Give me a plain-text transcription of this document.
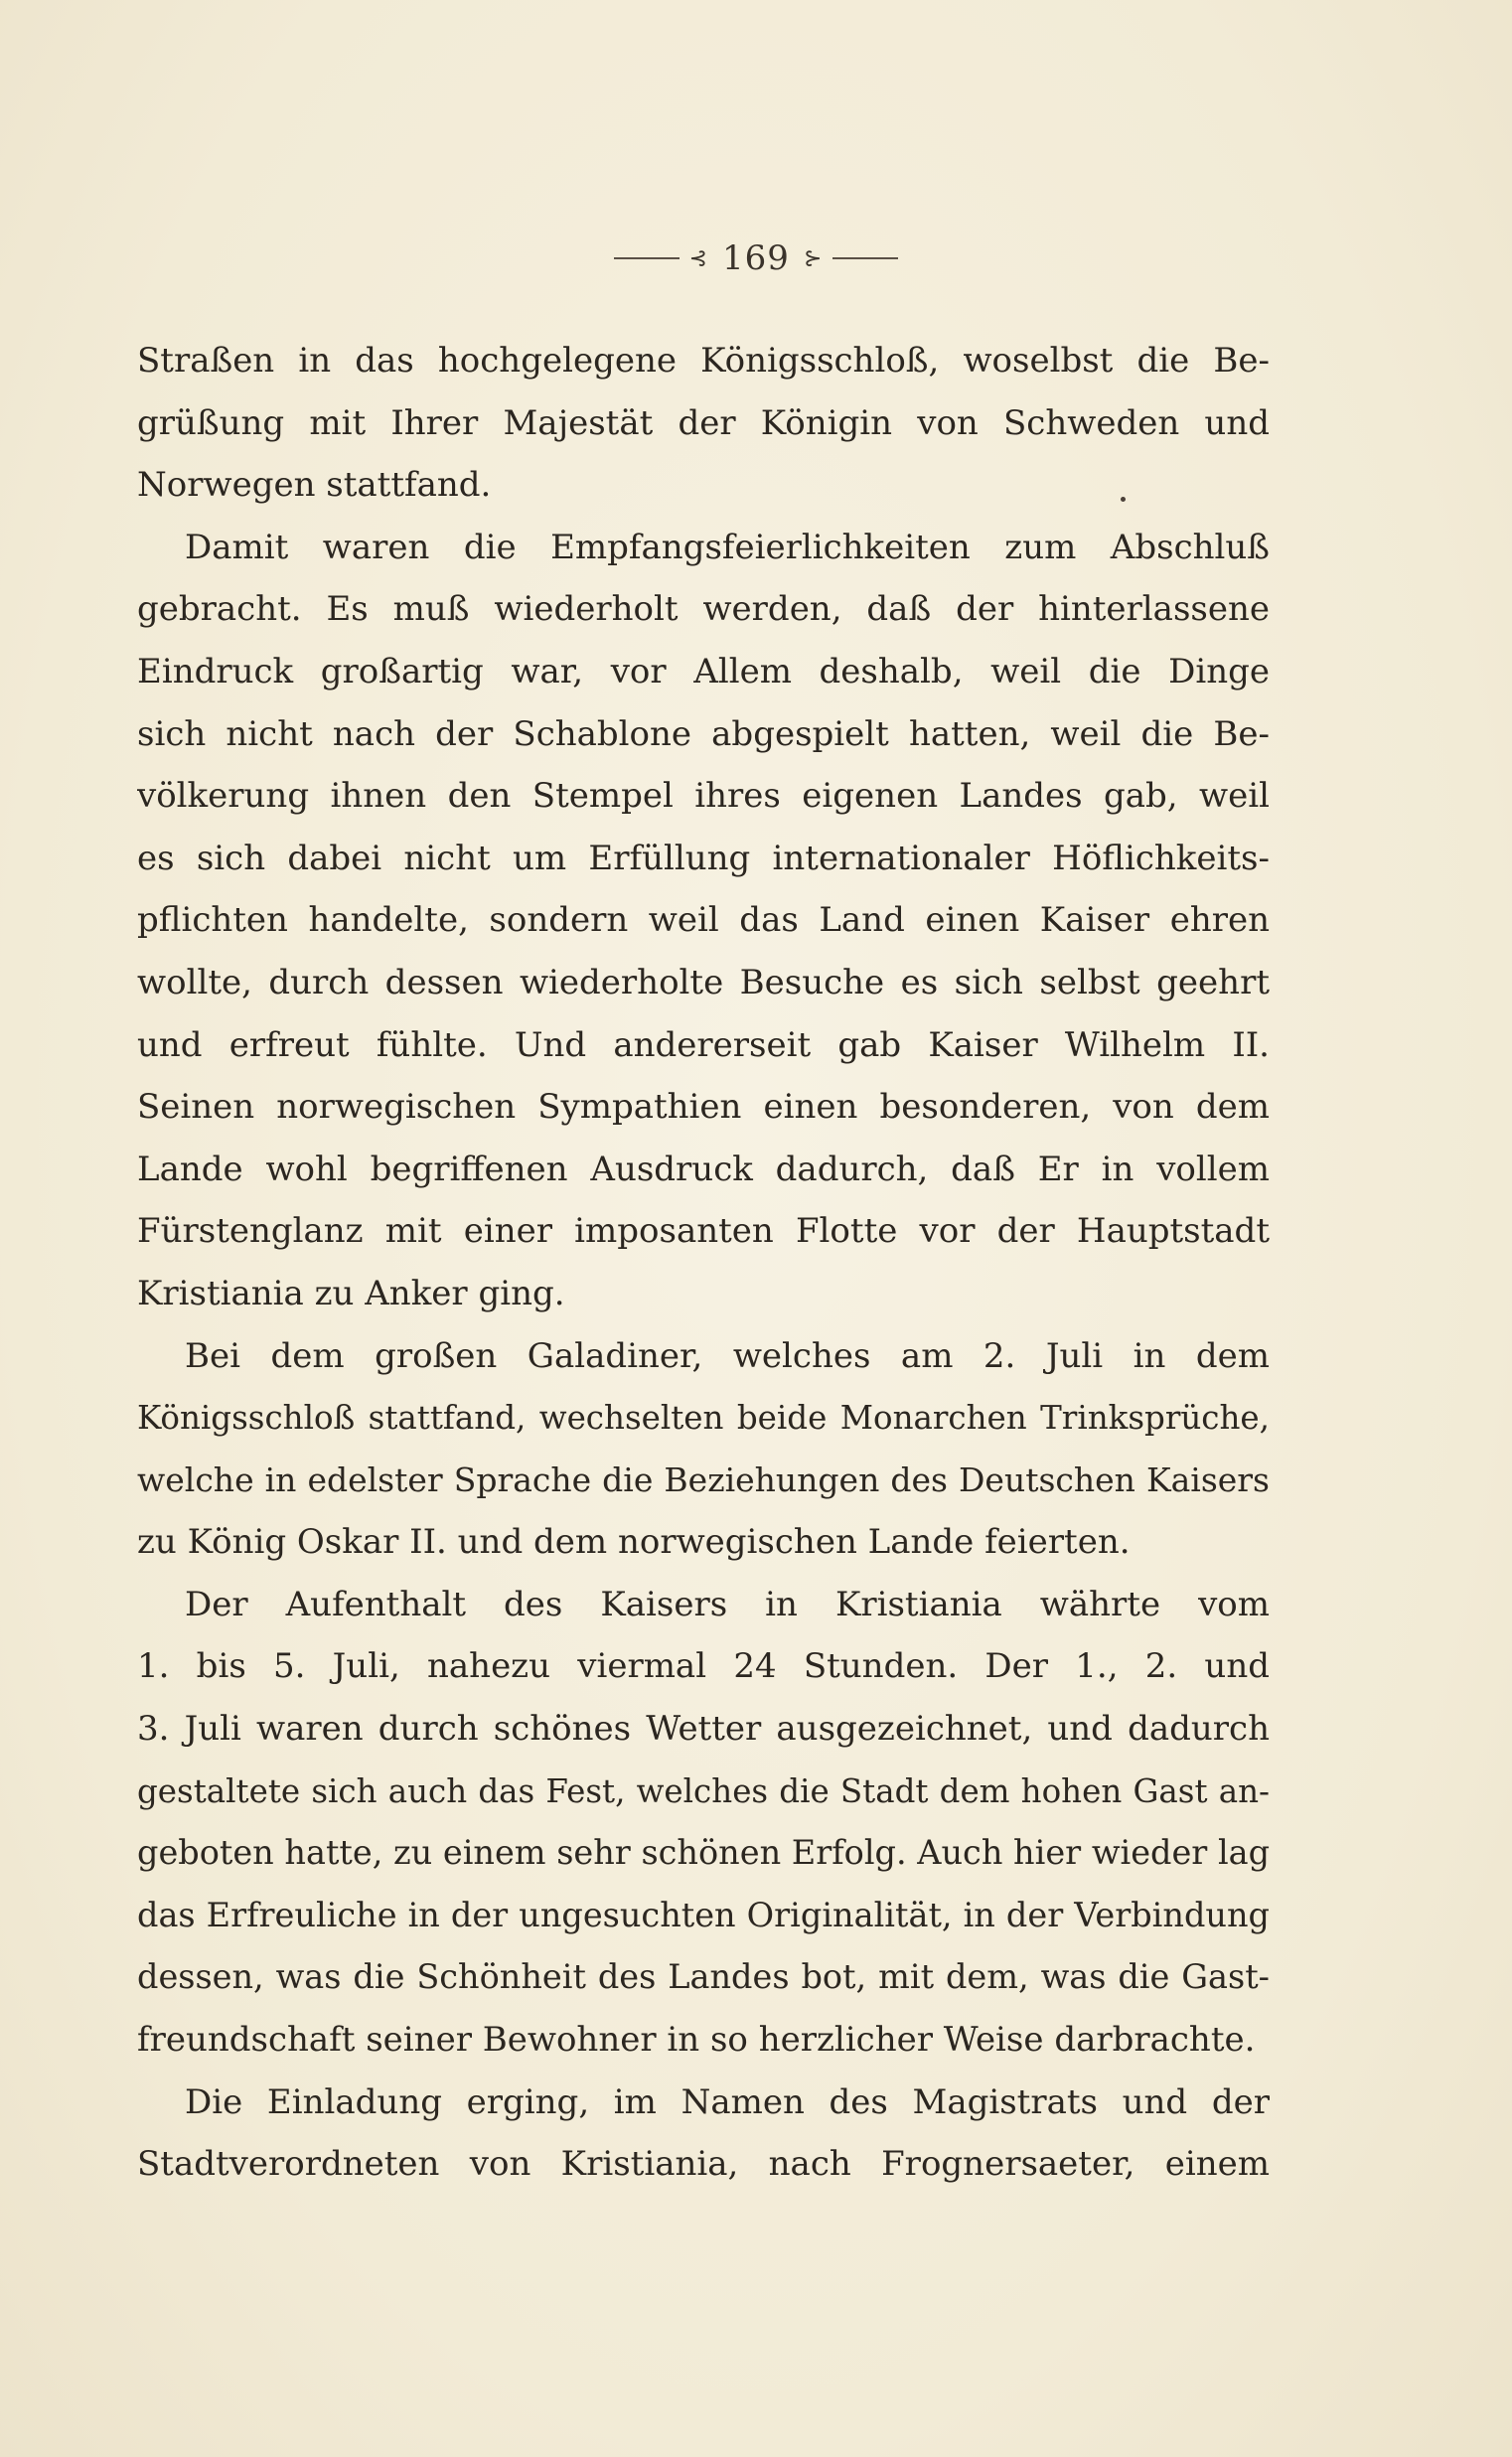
⊰ 169 ⊱
Straßen in das hochgelegene Königsschloß, woselbst die Be-
grüßung mit Ihrer Majestät der Königin von Schweden und
Norwegen stattfand.
Damit waren die Empfangsfeierlichkeiten zum Abschluß
gebracht. Es muß wiederholt werden, daß der hinterlassene
Eindruck großartig war, vor Allem deshalb, weil die Dinge
sich nicht nach der Schablone abgespielt hatten, weil die Be-
völkerung ihnen den Stempel ihres eigenen Landes gab, weil
es sich dabei nicht um Erfüllung internationaler Höflichkeits-
pflichten handelte, sondern weil das Land einen Kaiser ehren
wollte, durch dessen wiederholte Besuche es sich selbst geehrt
und erfreut fühlte. Und andererseit gab Kaiser Wilhelm II.
Seinen norwegischen Sympathien einen besonderen, von dem
Lande wohl begriffenen Ausdruck dadurch, daß Er in vollem
Fürstenglanz mit einer imposanten Flotte vor der Hauptstadt
Kristiania zu Anker ging.
Bei dem großen Galadiner, welches am 2. Juli in dem
Königsschloß stattfand, wechselten beide Monarchen Trinksprüche,
welche in edelster Sprache die Beziehungen des Deutschen Kaisers
zu König Oskar II. und dem norwegischen Lande feierten.
Der Aufenthalt des Kaisers in Kristiania währte vom
1. bis 5. Juli, nahezu viermal 24 Stunden. Der 1., 2. und
3. Juli waren durch schönes Wetter ausgezeichnet, und dadurch
gestaltete sich auch das Fest, welches die Stadt dem hohen Gast an-
geboten hatte, zu einem sehr schönen Erfolg. Auch hier wieder lag
das Erfreuliche in der ungesuchten Originalität, in der Verbindung
dessen, was die Schönheit des Landes bot, mit dem, was die Gast-
freundschaft seiner Bewohner in so herzlicher Weise darbrachte.
Die Einladung erging, im Namen des Magistrats und der
Stadtverordneten von Kristiania, nach Frognersaeter, einem
